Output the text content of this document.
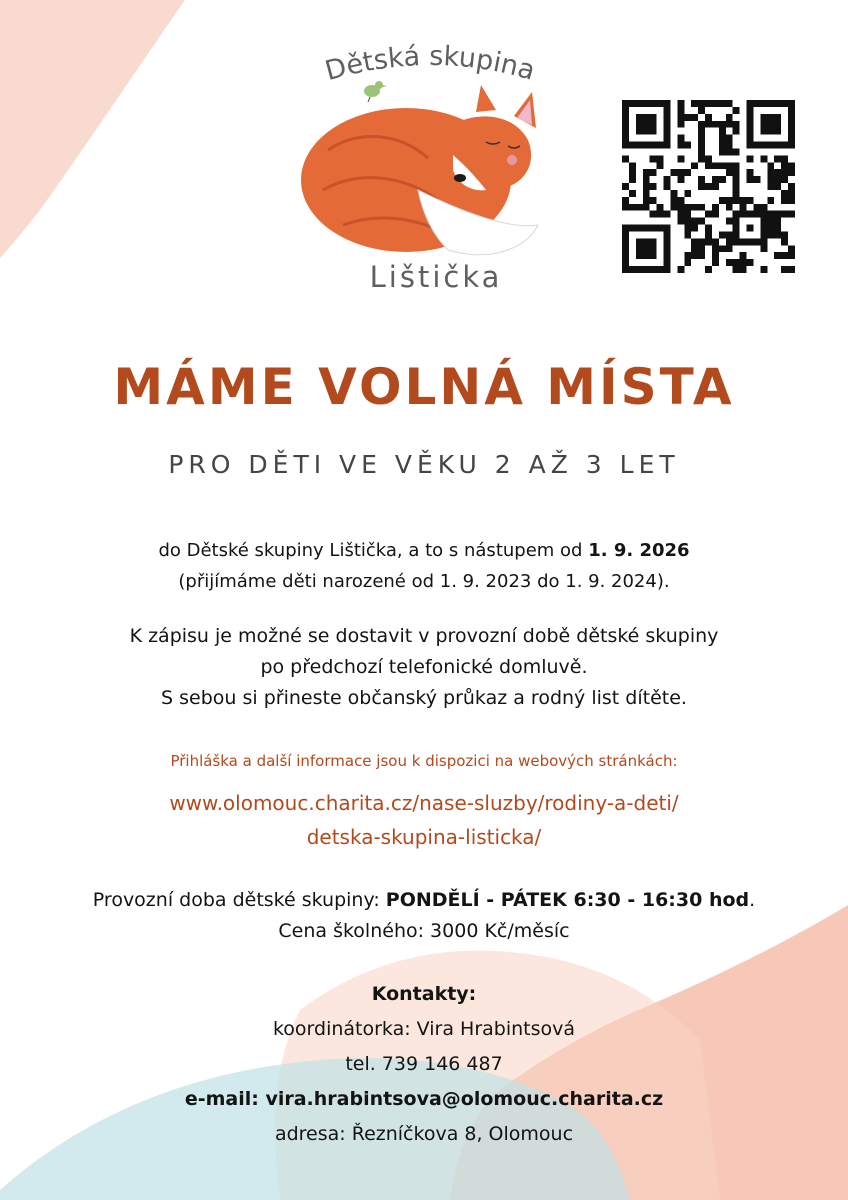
Dětská skupina
Lištička
MÁME VOLNÁ MÍSTA
PRO DĚTI VE VĚKU 2 AŽ 3 LET
do Dětské skupiny Lištička, a to s nástupem od 1. 9. 2026
(přijímáme děti narozené od 1. 9. 2023 do 1. 9. 2024).
K zápisu je možné se dostavit v provozní době dětské skupiny
po předchozí telefonické domluvě.
S sebou si přineste občanský průkaz a rodný list dítěte.
Přihláška a další informace jsou k dispozici na webových stránkách:
www.olomouc.charita.cz/nase-sluzby/rodiny-a-deti/
detska-skupina-listicka/
Provozní doba dětské skupiny: PONDĚLÍ - PÁTEK 6:30 - 16:30 hod.
Cena školného: 3000 Kč/měsíc
Kontakty:
koordinátorka: Vira Hrabintsová
tel. 739 146 487
e-mail: vira.hrabintsova@olomouc.charita.cz
adresa: Řezníčkova 8, Olomouc
